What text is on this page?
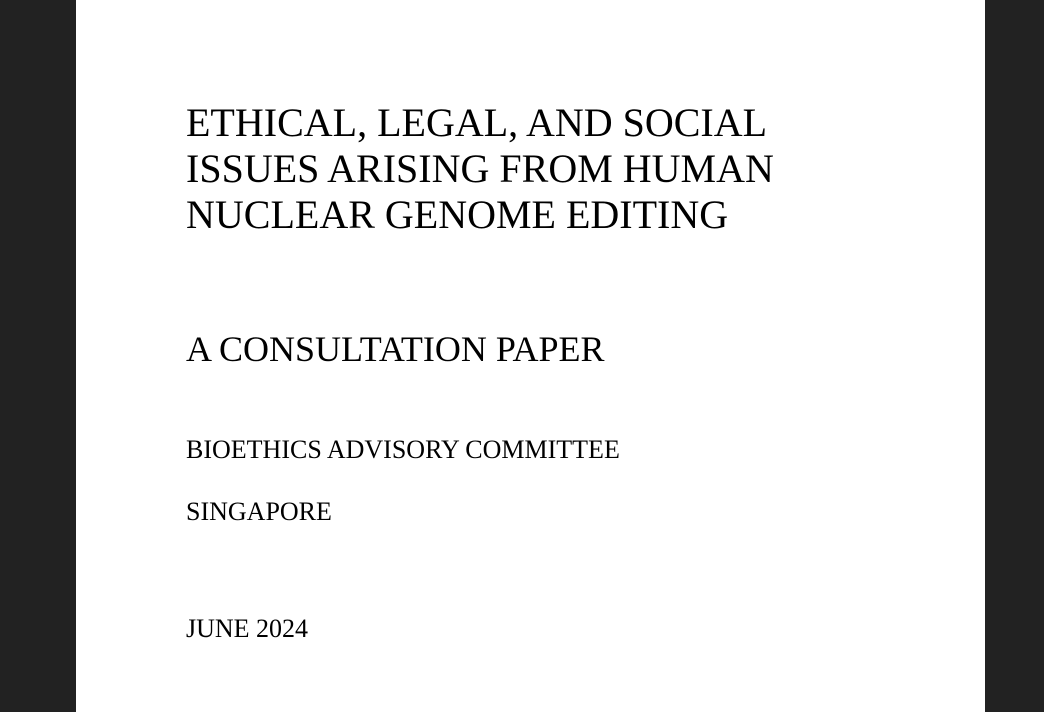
ETHICAL, LEGAL, AND SOCIAL
ISSUES ARISING FROM HUMAN
NUCLEAR GENOME EDITING
A CONSULTATION PAPER

BIOETHICS ADVISORY COMMITTEE

SINGAPORE

JUNE 2024
